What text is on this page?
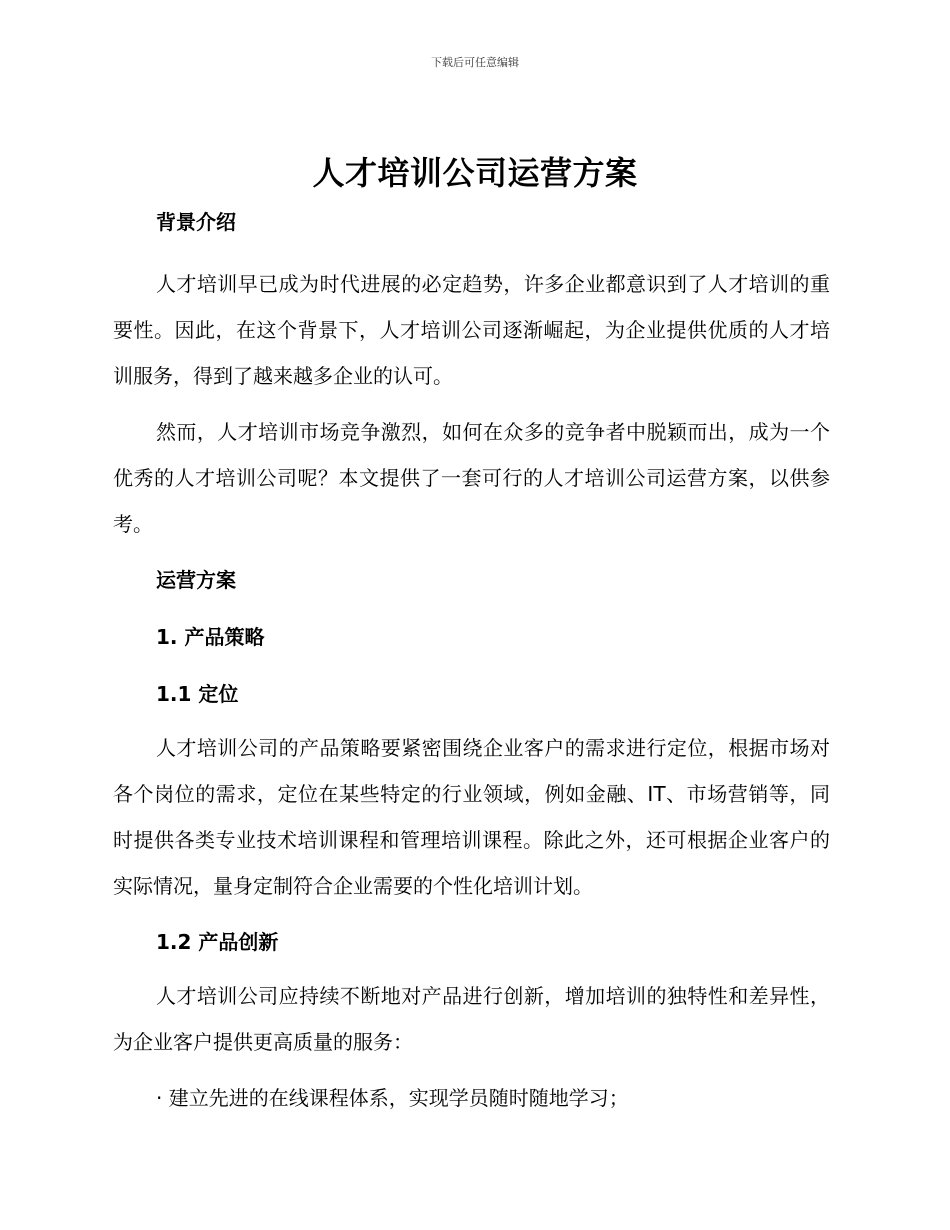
下载后可任意编辑
人才培训公司运营方案
背景介绍

人才培训早已成为时代进展的必定趋势，许多企业都意识到了人才培训的重要性。因此，在这个背景下，人才培训公司逐渐崛起，为企业提供优质的人才培训服务，得到了越来越多企业的认可。

然而，人才培训市场竞争激烈，如何在众多的竞争者中脱颖而出，成为一个优秀的人才培训公司呢？本文提供了一套可行的人才培训公司运营方案，以供参考。

运营方案
1. 产品策略
1.1 定位

人才培训公司的产品策略要紧密围绕企业客户的需求进行定位，根据市场对各个岗位的需求，定位在某些特定的行业领域，例如金融、IT、市场营销等，同时提供各类专业技术培训课程和管理培训课程。除此之外，还可根据企业客户的实际情况，量身定制符合企业需要的个性化培训计划。

1.2 产品创新

人才培训公司应持续不断地对产品进行创新，增加培训的独特性和差异性，为企业客户提供更高质量的服务：

· 建立先进的在线课程体系，实现学员随时随地学习；
